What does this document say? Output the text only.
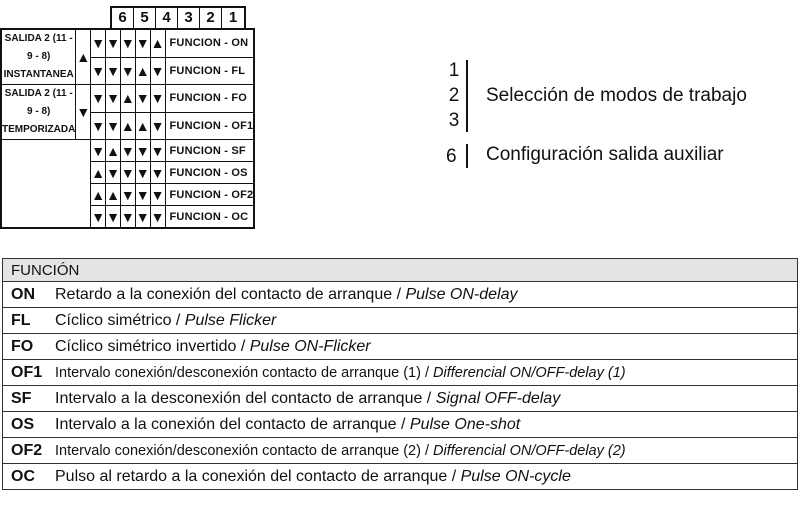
6 5 4 3 2 1
SALIDA 2 (11 - 9 - 8)
INSTANTANEA	▲	▼	▼	▼	▼	▲	FUNCION - ON
		▼	▼	▼	▲	▼	FUNCION - FL

SALIDA 2 (11 - 9 - 8)
TEMPORIZADA	▼	▼	▼	▲	▼	▼	FUNCION - FO
		▼	▼	▲	▲	▼	FUNCION - OF1
		▼	▲	▼	▼	▼	FUNCION - SF
		▲	▼	▼	▼	▼	FUNCION - OS
		▲	▲	▼	▼	▼	FUNCION - OF2
		▼	▼	▼	▼	▼	FUNCION - OC
1
2
3
Selección de modos de trabajo
6 Configuración salida auxiliar
FUNCIÓN
ON Retardo a la conexión del contacto de arranque / Pulse ON-delay
FL Cíclico simétrico / Pulse Flicker
FO Cíclico simétrico invertido / Pulse ON-Flicker
OF1 Intervalo conexión/desconexión contacto de arranque (1) / Differencial ON/OFF-delay (1)
SF Intervalo a la desconexión del contacto de arranque / Signal OFF-delay
OS Intervalo a la conexión del contacto de arranque / Pulse One-shot
OF2 Intervalo conexión/desconexión contacto de arranque (2) / Differencial ON/OFF-delay (2)
OC Pulso al retardo a la conexión del contacto de arranque / Pulse ON-cycle
